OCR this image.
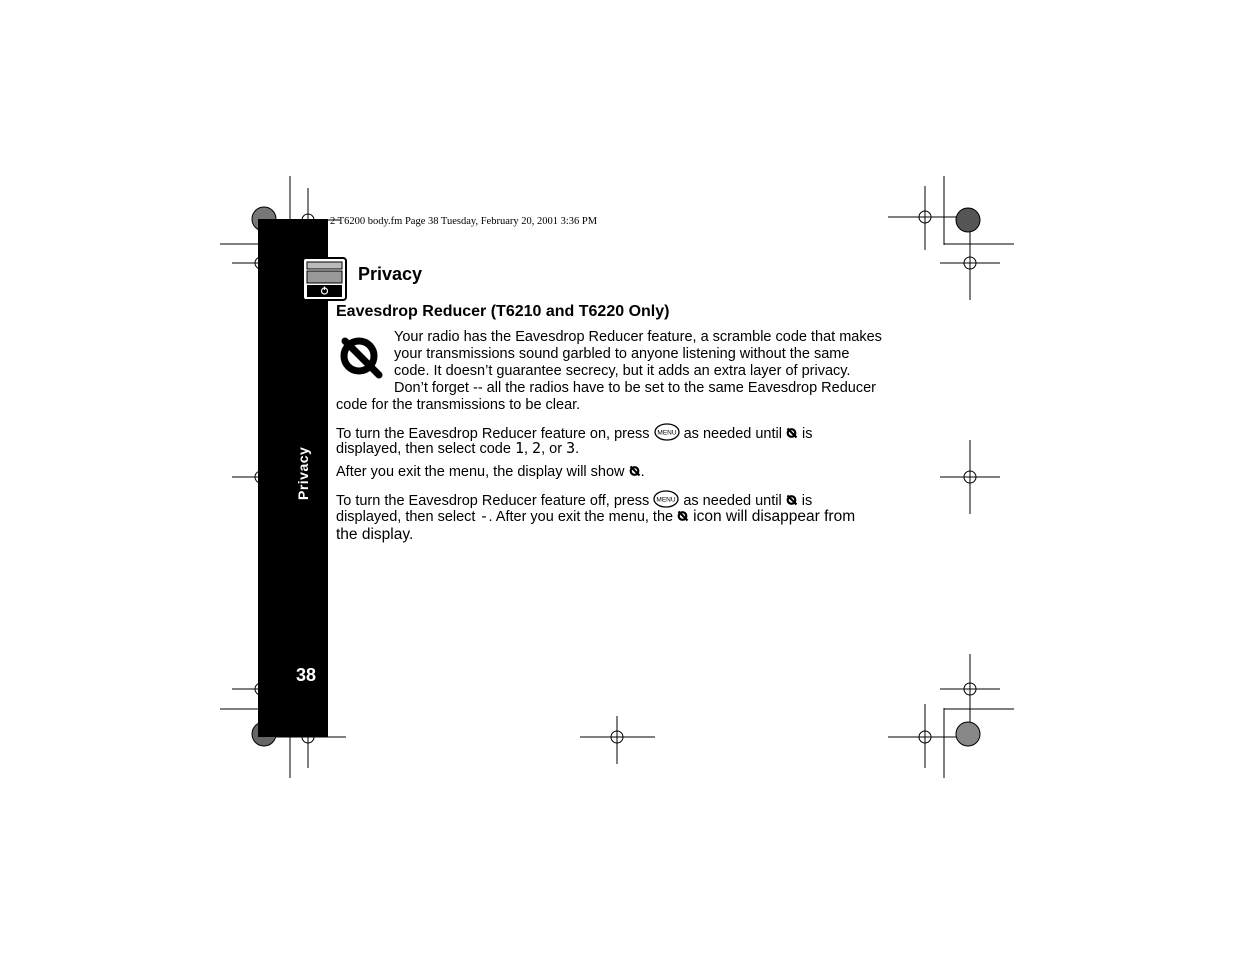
Privacy
38
2 T6200 body.fm Page 38 Tuesday, February 20, 2001 3:36 PM
Privacy
Eavesdrop Reducer (T6210 and T6220 Only)
Your radio has the Eavesdrop Reducer feature, a scramble code that makes
your transmissions sound garbled to anyone listening without the same
code. It doesn’t guarantee secrecy, but it adds an extra layer of privacy.
Don’t forget -- all the radios have to be set to the same Eavesdrop Reducer
code for the transmissions to be clear.
To turn the Eavesdrop Reducer feature on, press MENU as needed until is
displayed, then select code 1, 2, or 3.
After you exit the menu, the display will show .
To turn the Eavesdrop Reducer feature off, press MENU as needed until is
displayed, then select -. After you exit the menu, the icon will disappear from
the display.
